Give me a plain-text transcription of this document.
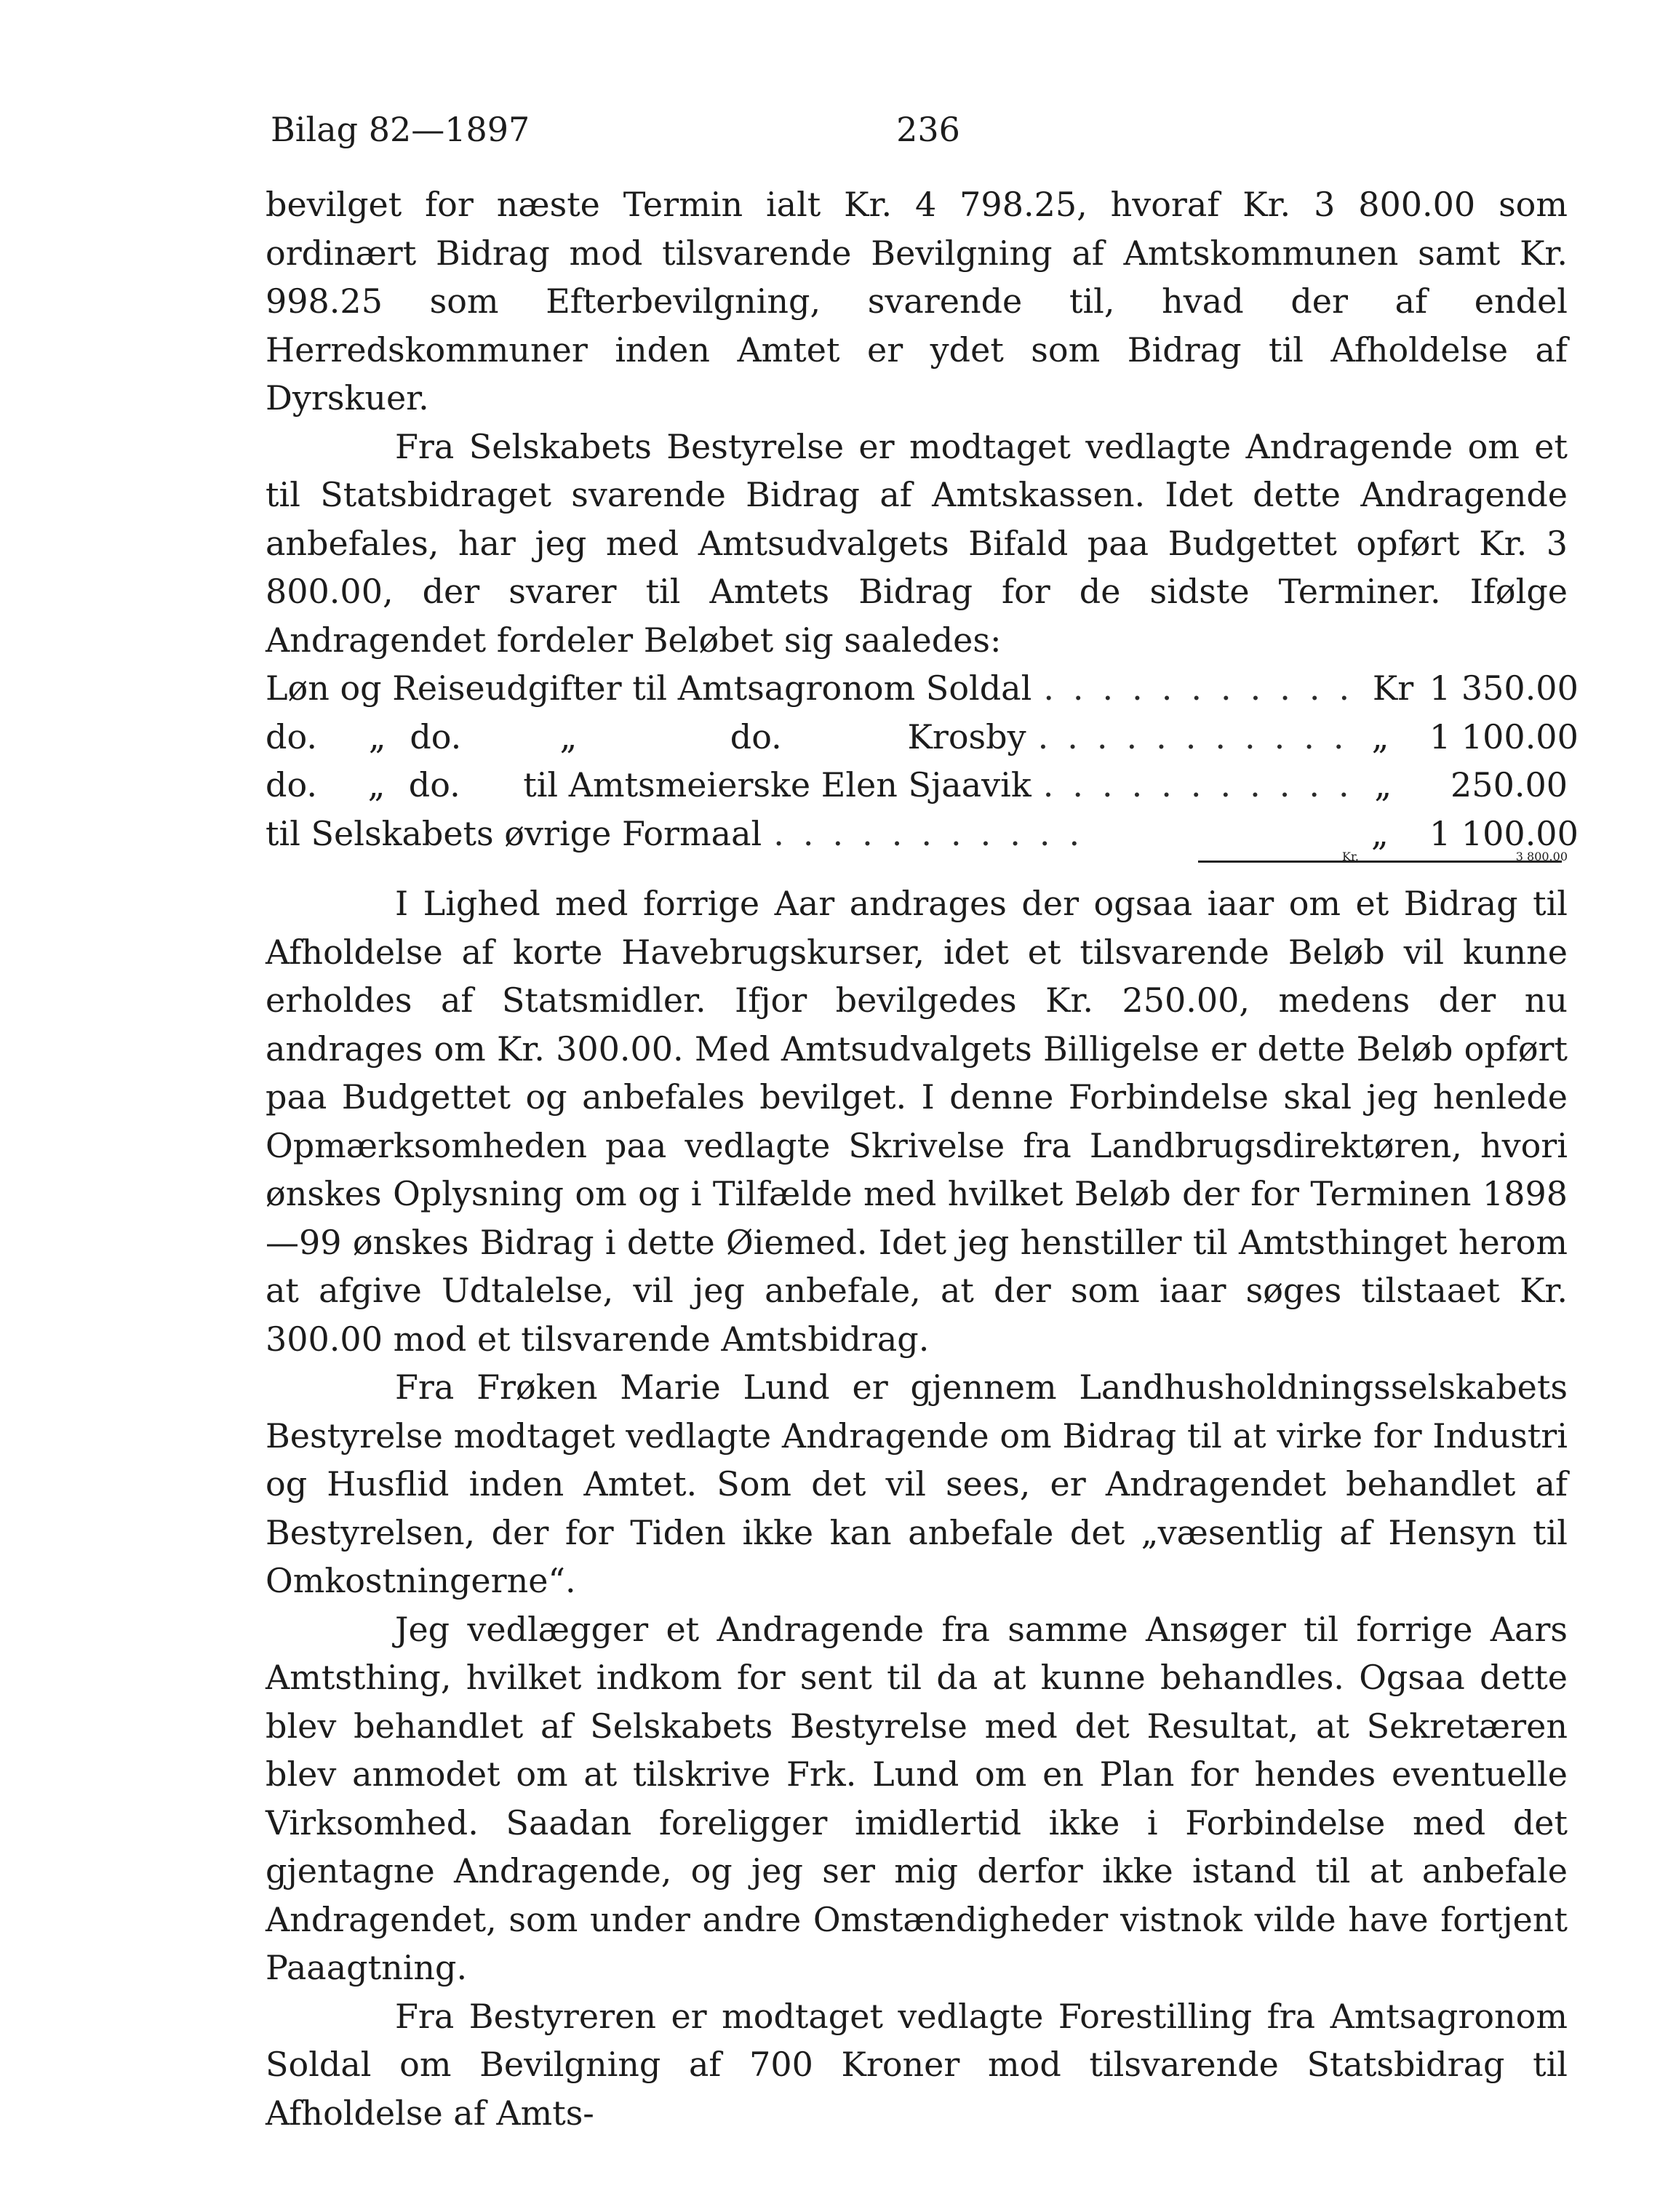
Bilag 82—1897	236

bevilget for næste Termin ialt Kr. 4 798.25, hvoraf Kr. 3 800.00 som ordinært Bidrag mod tilsvarende Bevilgning af Amtskommunen samt Kr. 998.25 som Efterbevilgning, svarende til, hvad der af endel Herredskommuner inden Amtet er ydet som Bidrag til Afholdelse af Dyrskuer.

Fra Selskabets Bestyrelse er modtaget vedlagte Andragende om et til Statsbidraget svarende Bidrag af Amtskassen. Idet dette Andragende anbefales, har jeg med Amtsudvalgets Bifald paa Budgettet opført Kr. 3 800.00, der svarer til Amtets Bidrag for de sidste Terminer. Ifølge Andragendet fordeler Beløbet sig saaledes:

Løn og Reiseudgifter til Amtsagronom Soldal ........... Kr 1 350.00
do.	„ do.	„	do.	Krosby ........... „	1 100.00
do.	„ do.	til Amtsmeierske Elen Sjaavik ........... „	250.00
til Selskabets øvrige Formaal ...........	„	1 100.00
Kr.	3 800.00

I Lighed med forrige Aar andrages der ogsaa iaar om et Bidrag til Afholdelse af korte Havebrugskurser, idet et tilsvarende Beløb vil kunne erholdes af Statsmidler. Ifjor bevilgedes Kr. 250.00, medens der nu andrages om Kr. 300.00. Med Amtsudvalgets Billigelse er dette Beløb opført paa Budgettet og anbefales bevilget. I denne Forbindelse skal jeg henlede Opmærksomheden paa vedlagte Skrivelse fra Landbrugsdirektøren, hvori ønskes Oplysning om og i Tilfælde med hvilket Beløb der for Terminen 1898—99 ønskes Bidrag i dette Øiemed. Idet jeg henstiller til Amtsthinget herom at afgive Udtalelse, vil jeg anbefale, at der som iaar søges tilstaaet Kr. 300.00 mod et tilsvarende Amtsbidrag.

Fra Frøken Marie Lund er gjennem Landhusholdningsselskabets Bestyrelse modtaget vedlagte Andragende om Bidrag til at virke for Industri og Husflid inden Amtet. Som det vil sees, er Andragendet behandlet af Bestyrelsen, der for Tiden ikke kan anbefale det „væsentlig af Hensyn til Omkostningerne“.

Jeg vedlægger et Andragende fra samme Ansøger til forrige Aars Amtsthing, hvilket indkom for sent til da at kunne behandles. Ogsaa dette blev behandlet af Selskabets Bestyrelse med det Resultat, at Sekretæren blev anmodet om at tilskrive Frk. Lund om en Plan for hendes eventuelle Virksomhed. Saadan foreligger imidlertid ikke i Forbindelse med det gjentagne Andragende, og jeg ser mig derfor ikke istand til at anbefale Andragendet, som under andre Omstændigheder vistnok vilde have fortjent Paaagtning.

Fra Bestyreren er modtaget vedlagte Forestilling fra Amtsagronom Soldal om Bevilgning af 700 Kroner mod tilsvarende Statsbidrag til Afholdelse af Amts-
